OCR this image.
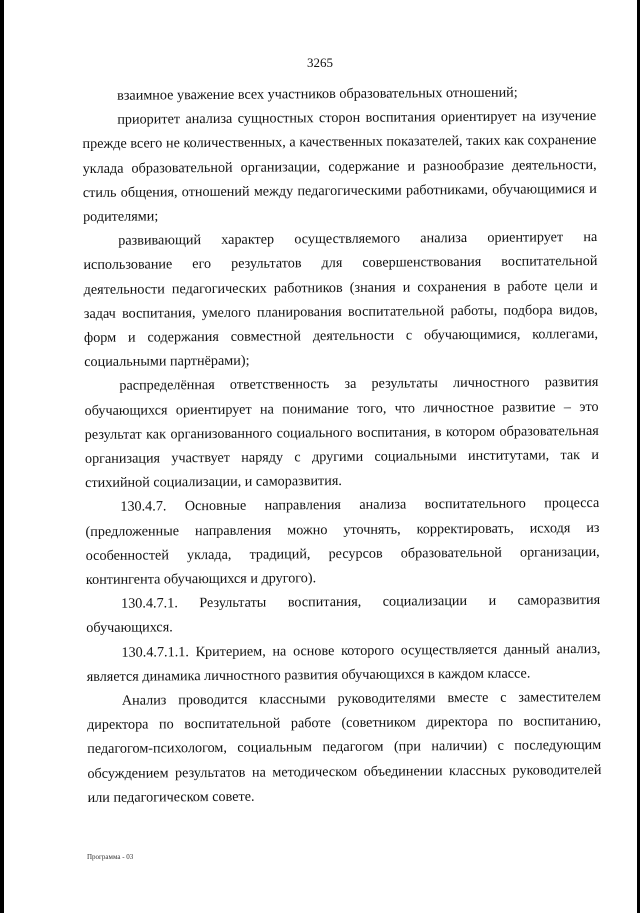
3265

взаимное уважение всех участников образовательных отношений;

приоритет анализа сущностных сторон воспитания ориентирует на изучение прежде всего не количественных, а качественных показателей, таких как сохранение уклада образовательной организации, содержание и разнообразие деятельности, стиль общения, отношений между педагогическими работниками, обучающимися и родителями;

развивающий характер осуществляемого анализа ориентирует на использование его результатов для совершенствования воспитательной деятельности педагогических работников (знания и сохранения в работе цели и задач воспитания, умелого планирования воспитательной работы, подбора видов, форм и содержания совместной деятельности с обучающимися, коллегами, социальными партнёрами);

распределённая ответственность за результаты личностного развития обучающихся ориентирует на понимание того, что личностное развитие – это результат как организованного социального воспитания, в котором образовательная организация участвует наряду с другими социальными институтами, так и стихийной социализации, и саморазвития.

130.4.7. Основные направления анализа воспитательного процесса (предложенные направления можно уточнять, корректировать, исходя из особенностей уклада, традиций, ресурсов образовательной организации, контингента обучающихся и другого).

130.4.7.1. Результаты воспитания, социализации и саморазвития обучающихся.

130.4.7.1.1. Критерием, на основе которого осуществляется данный анализ, является динамика личностного развития обучающихся в каждом классе.

Анализ проводится классными руководителями вместе с заместителем директора по воспитательной работе (советником директора по воспитанию, педагогом-психологом, социальным педагогом (при наличии) с последующим обсуждением результатов на методическом объединении классных руководителей или педагогическом совете.

Программа - 03
